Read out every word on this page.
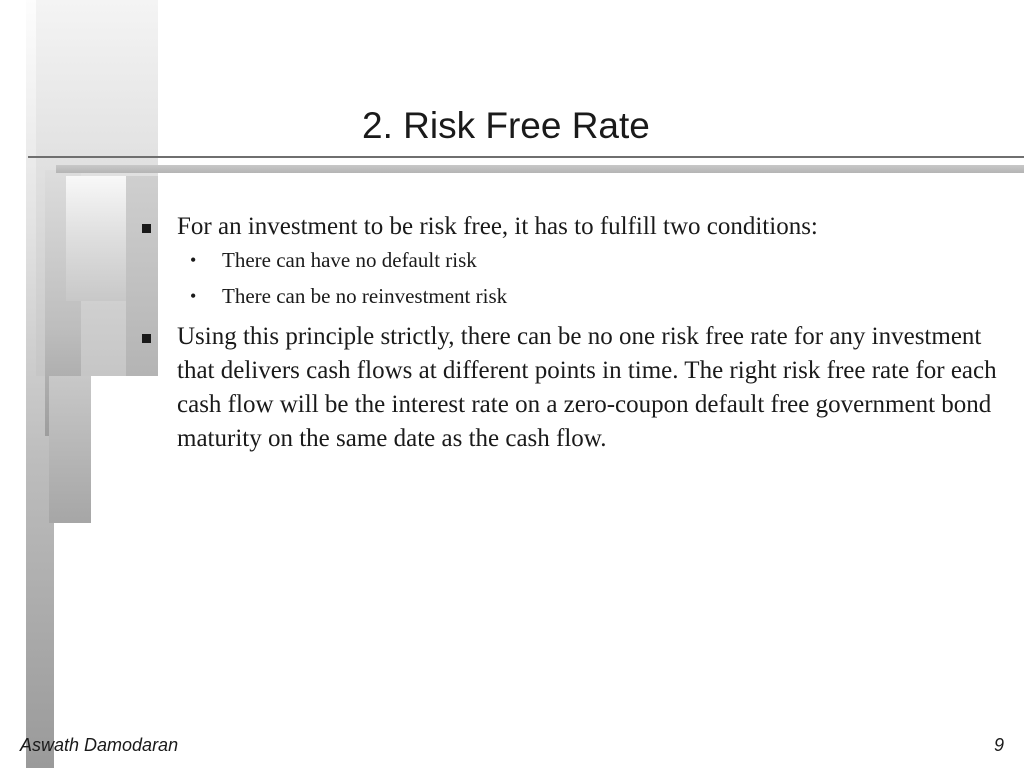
2. Risk Free Rate
For an investment to be risk free, it has to fulfill two conditions:
• There can have no default risk
• There can be no reinvestment risk
Using this principle strictly, there can be no one risk free rate for any investment that delivers cash flows at different points in time. The right risk free rate for each cash flow will be the interest rate on a zero-coupon default free government bond maturity on the same date as the cash flow.
Aswath Damodaran	9
